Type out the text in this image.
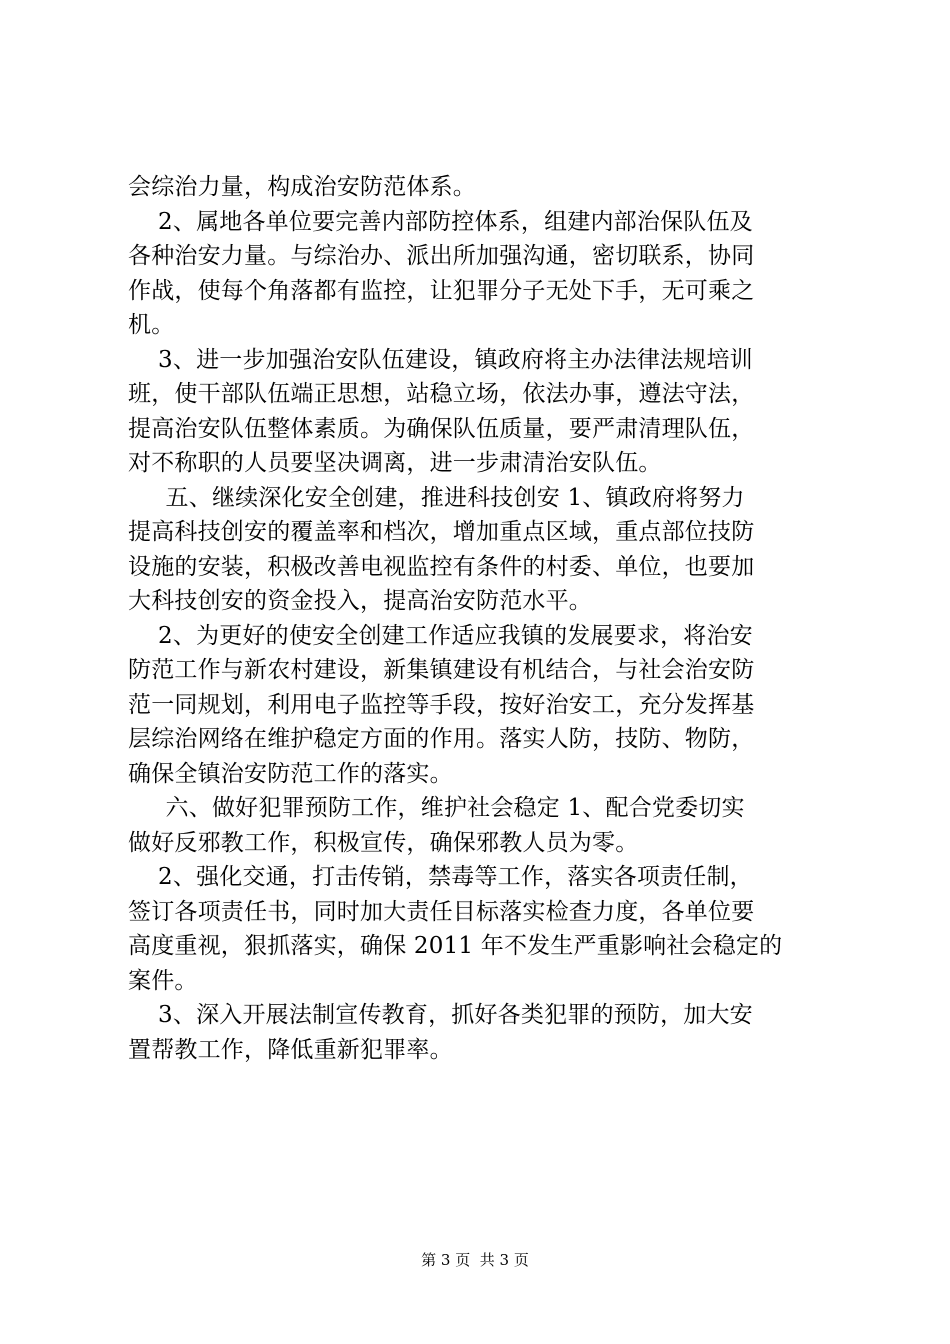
会综治力量，构成治安防范体系。
2、属地各单位要完善内部防控体系，组建内部治保队伍及
各种治安力量。与综治办、派出所加强沟通，密切联系，协同
作战，使每个角落都有监控，让犯罪分子无处下手，无可乘之
机。
3、进一步加强治安队伍建设，镇政府将主办法律法规培训
班，使干部队伍端正思想，站稳立场，依法办事，遵法守法，
提高治安队伍整体素质。为确保队伍质量，要严肃清理队伍，
对不称职的人员要坚决调离，进一步肃清治安队伍。
五、继续深化安全创建，推进科技创安 1、镇政府将努力
提高科技创安的覆盖率和档次，增加重点区域，重点部位技防
设施的安装，积极改善电视监控有条件的村委、单位，也要加
大科技创安的资金投入，提高治安防范水平。
2、为更好的使安全创建工作适应我镇的发展要求，将治安
防范工作与新农村建设，新集镇建设有机结合，与社会治安防
范一同规划，利用电子监控等手段，按好治安工，充分发挥基
层综治网络在维护稳定方面的作用。落实人防，技防、物防，
确保全镇治安防范工作的落实。
六、做好犯罪预防工作，维护社会稳定 1、配合党委切实
做好反邪教工作，积极宣传，确保邪教人员为零。
2、强化交通，打击传销，禁毒等工作，落实各项责任制，
签订各项责任书，同时加大责任目标落实检查力度，各单位要
高度重视，狠抓落实，确保 2011 年不发生严重影响社会稳定的
案件。
3、深入开展法制宣传教育，抓好各类犯罪的预防，加大安
置帮教工作，降低重新犯罪率。
第 3 页  共 3 页
